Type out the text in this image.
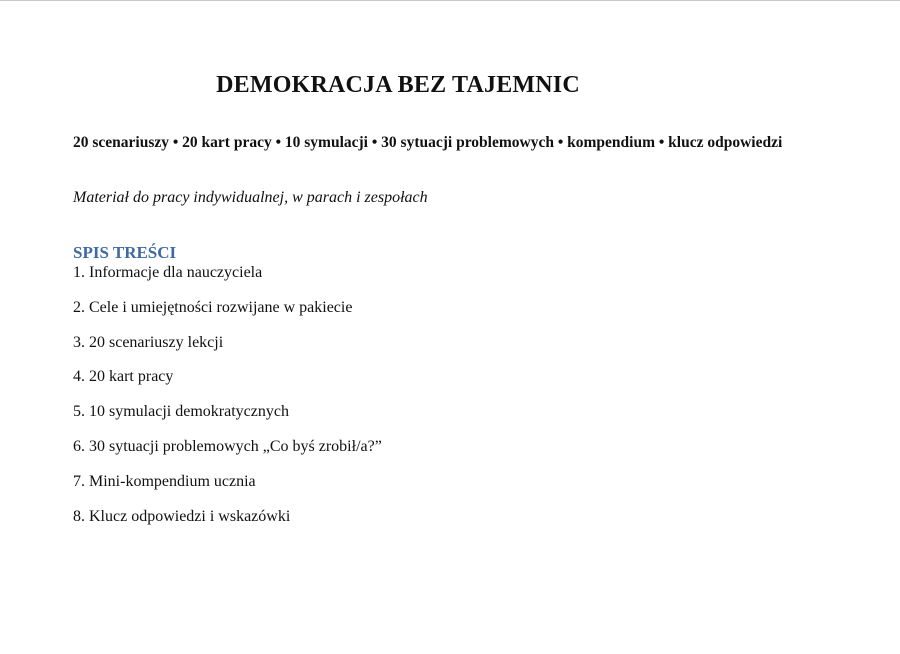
DEMOKRACJA BEZ TAJEMNIC
20 scenariuszy • 20 kart pracy • 10 symulacji • 30 sytuacji problemowych • kompendium • klucz odpowiedzi
Materiał do pracy indywidualnej, w parach i zespołach
SPIS TREŚCI
1. Informacje dla nauczyciela
2. Cele i umiejętności rozwijane w pakiecie
3. 20 scenariuszy lekcji
4. 20 kart pracy
5. 10 symulacji demokratycznych
6. 30 sytuacji problemowych „Co byś zrobił/a?”
7. Mini-kompendium ucznia
8. Klucz odpowiedzi i wskazówki
